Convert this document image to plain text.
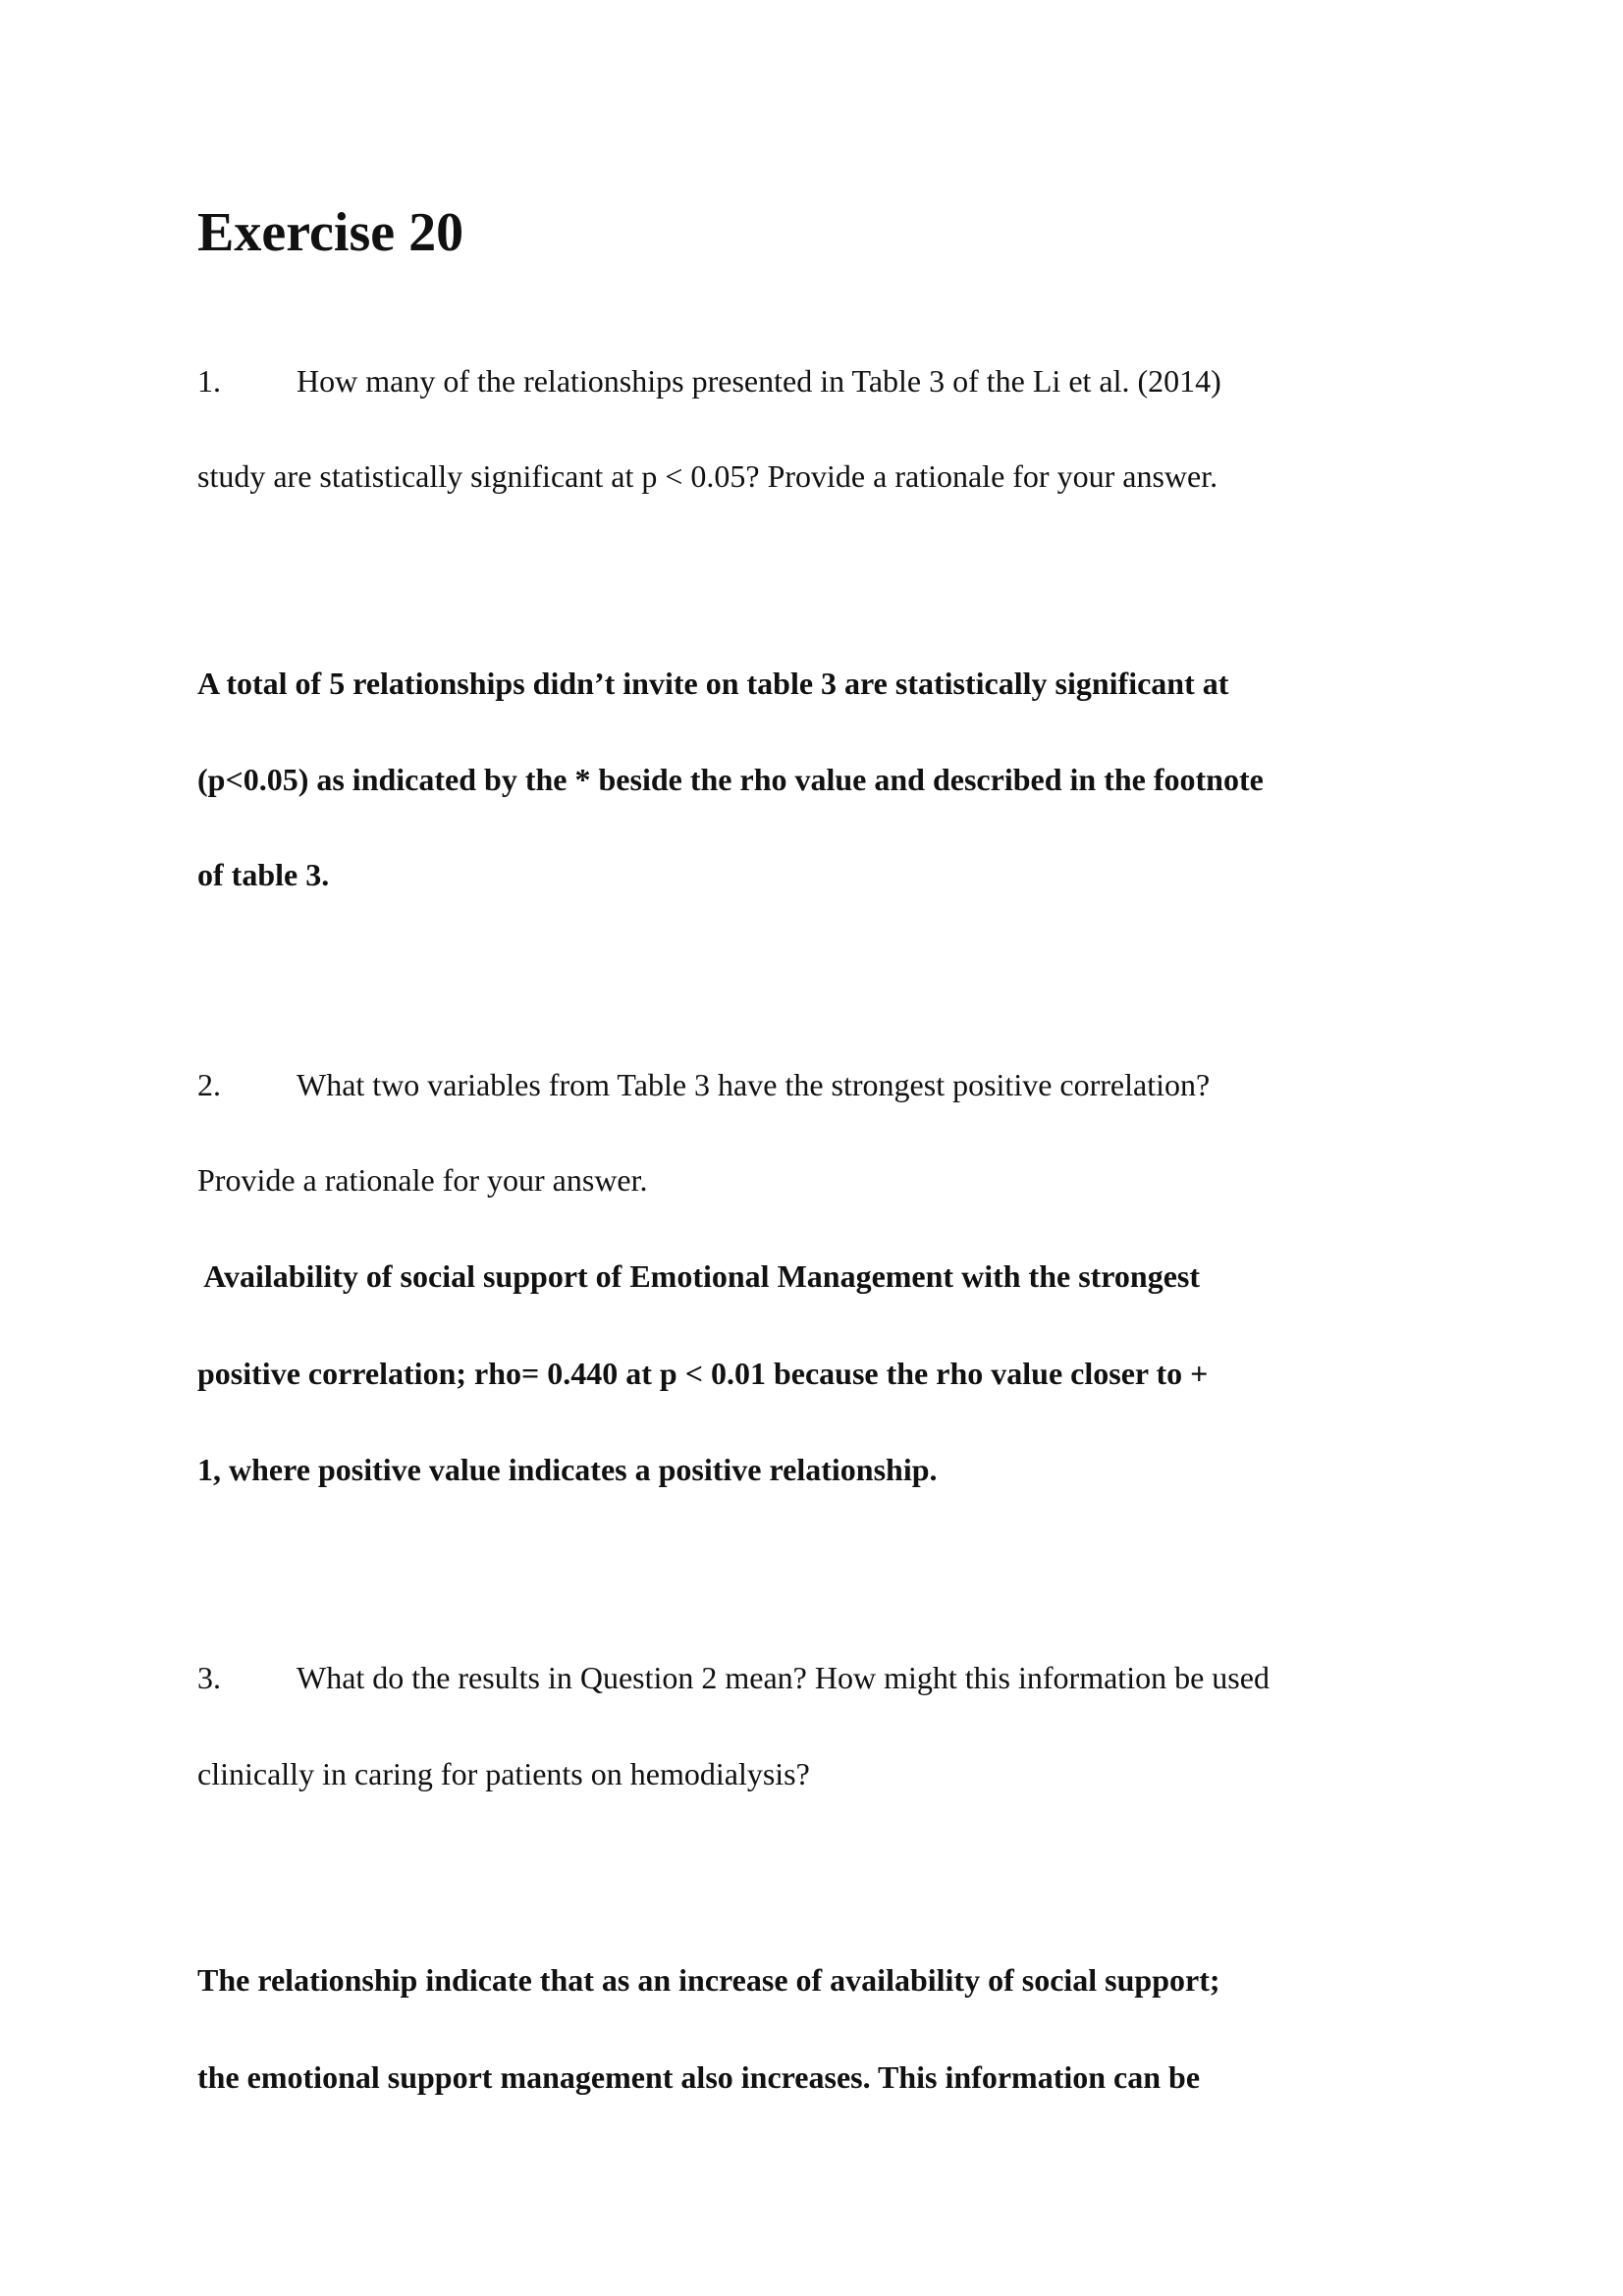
Exercise 20
1. How many of the relationships presented in Table 3 of the Li et al. (2014)
study are statistically significant at p < 0.05? Provide a rationale for your answer.
A total of 5 relationships didn’t invite on table 3 are statistically significant at
(p<0.05) as indicated by the * beside the rho value and described in the footnote
of table 3.
2. What two variables from Table 3 have the strongest positive correlation?
Provide a rationale for your answer.
Availability of social support of Emotional Management with the strongest
positive correlation; rho= 0.440 at p < 0.01 because the rho value closer to +
1, where positive value indicates a positive relationship.
3. What do the results in Question 2 mean? How might this information be used
clinically in caring for patients on hemodialysis?
The relationship indicate that as an increase of availability of social support;
the emotional support management also increases. This information can be
